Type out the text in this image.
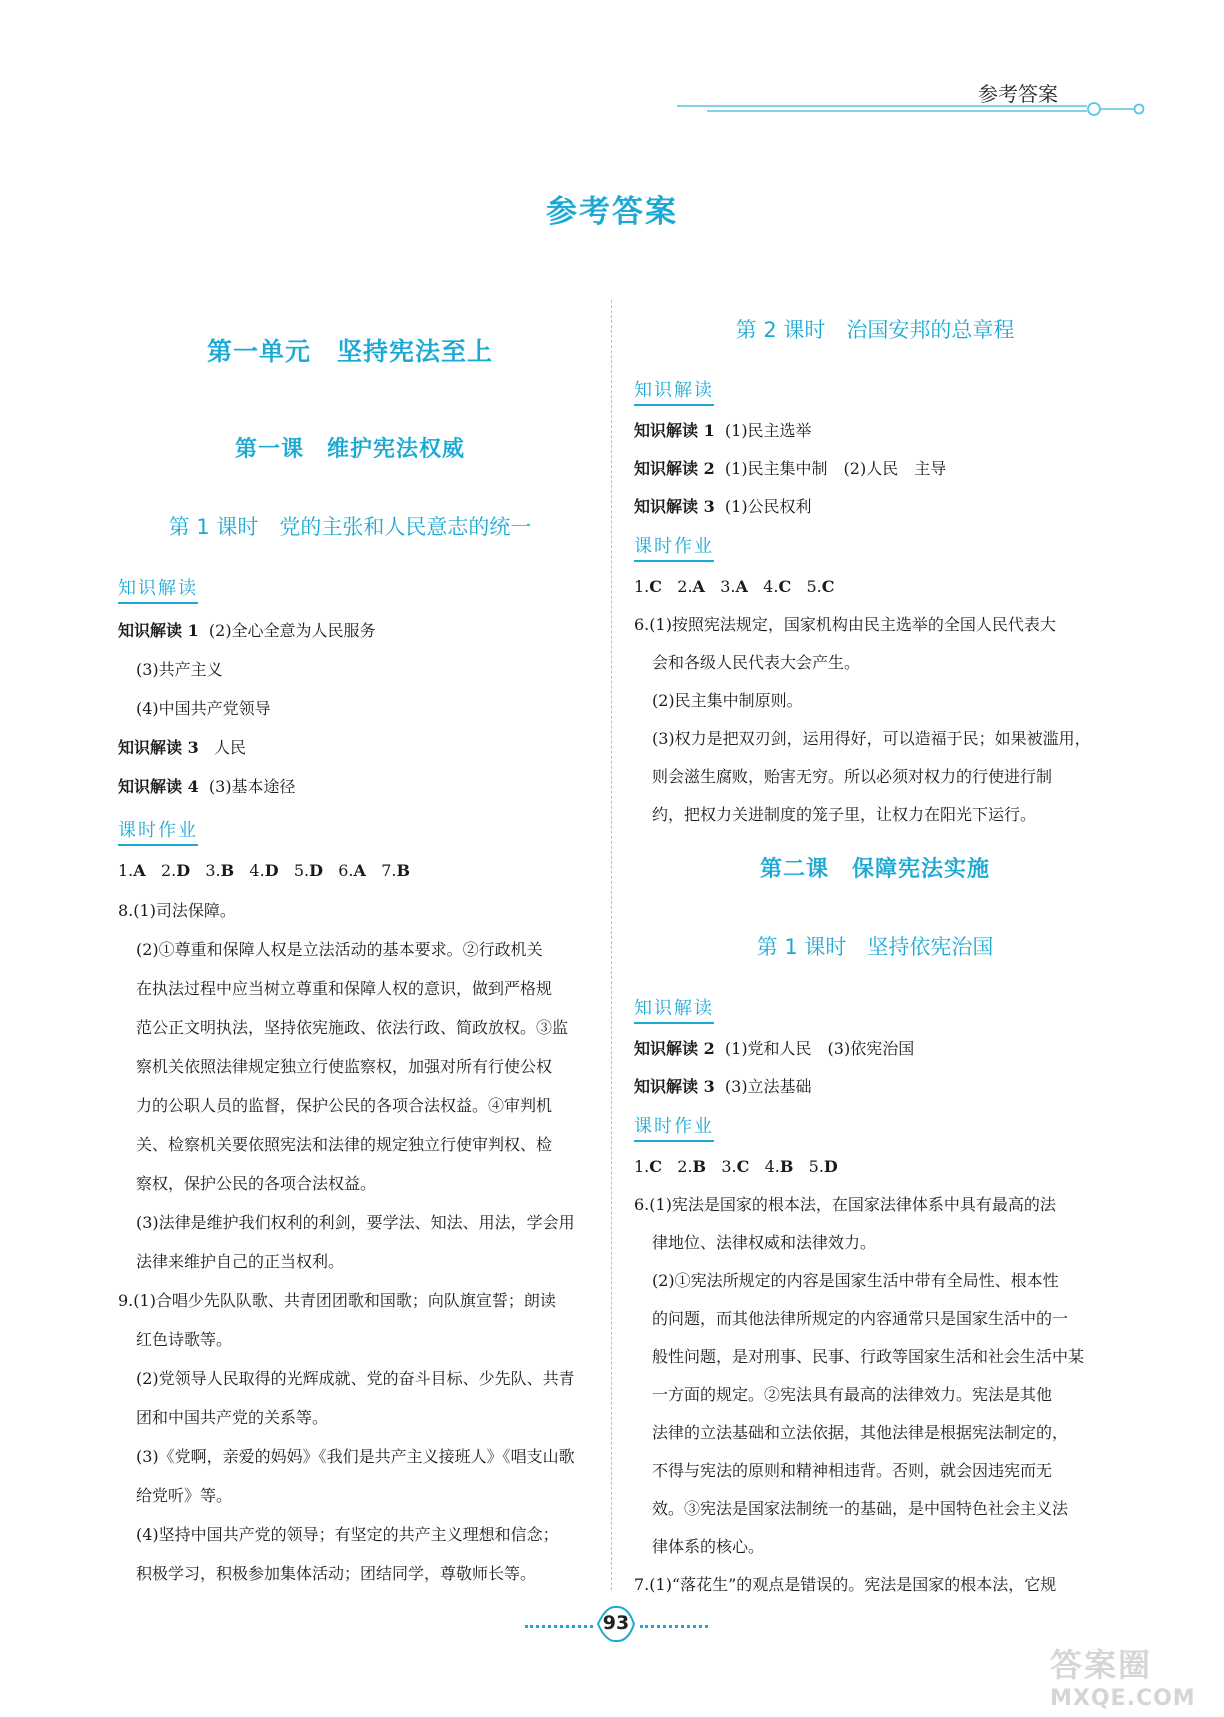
参考答案
参考答案
第一单元　坚持宪法至上
第一课　维护宪法权威
第 1 课时　党的主张和人民意志的统一
知识解读
知识解读 1 (2)全心全意为人民服务
(3)共产主义
(4)中国共产党领导
知识解读 3 人民
知识解读 4 (3)基本途径
课时作业
1.A 2.D 3.B 4.D 5.D 6.A 7.B
8.(1)司法保障。
(2)①尊重和保障人权是立法活动的基本要求。②行政机关
在执法过程中应当树立尊重和保障人权的意识，做到严格规
范公正文明执法，坚持依宪施政、依法行政、简政放权。③监
察机关依照法律规定独立行使监察权，加强对所有行使公权
力的公职人员的监督，保护公民的各项合法权益。④审判机
关、检察机关要依照宪法和法律的规定独立行使审判权、检
察权，保护公民的各项合法权益。
(3)法律是维护我们权利的利剑，要学法、知法、用法，学会用
法律来维护自己的正当权利。
9.(1)合唱少先队队歌、共青团团歌和国歌；向队旗宣誓；朗读
红色诗歌等。
(2)党领导人民取得的光辉成就、党的奋斗目标、少先队、共青
团和中国共产党的关系等。
(3)《党啊，亲爱的妈妈》《我们是共产主义接班人》《唱支山歌
给党听》等。
(4)坚持中国共产党的领导；有坚定的共产主义理想和信念；
积极学习，积极参加集体活动；团结同学，尊敬师长等。
第 2 课时　治国安邦的总章程
知识解读
知识解读 1 (1)民主选举
知识解读 2 (1)民主集中制　(2)人民　主导
知识解读 3 (1)公民权利
课时作业
1.C 2.A 3.A 4.C 5.C
6.(1)按照宪法规定，国家机构由民主选举的全国人民代表大
会和各级人民代表大会产生。
(2)民主集中制原则。
(3)权力是把双刃剑，运用得好，可以造福于民；如果被滥用，
则会滋生腐败，贻害无穷。所以必须对权力的行使进行制
约，把权力关进制度的笼子里，让权力在阳光下运行。
第二课　保障宪法实施
第 1 课时　坚持依宪治国
知识解读
知识解读 2 (1)党和人民　(3)依宪治国
知识解读 3 (3)立法基础
课时作业
1.C 2.B 3.C 4.B 5.D
6.(1)宪法是国家的根本法，在国家法律体系中具有最高的法
律地位、法律权威和法律效力。
(2)①宪法所规定的内容是国家生活中带有全局性、根本性
的问题，而其他法律所规定的内容通常只是国家生活中的一
般性问题，是对刑事、民事、行政等国家生活和社会生活中某
一方面的规定。②宪法具有最高的法律效力。宪法是其他
法律的立法基础和立法依据，其他法律是根据宪法制定的，
不得与宪法的原则和精神相违背。否则，就会因违宪而无
效。③宪法是国家法制统一的基础，是中国特色社会主义法
律体系的核心。
7.(1)“落花生”的观点是错误的。宪法是国家的根本法，它规
93
答案圈
MXQE.COM
